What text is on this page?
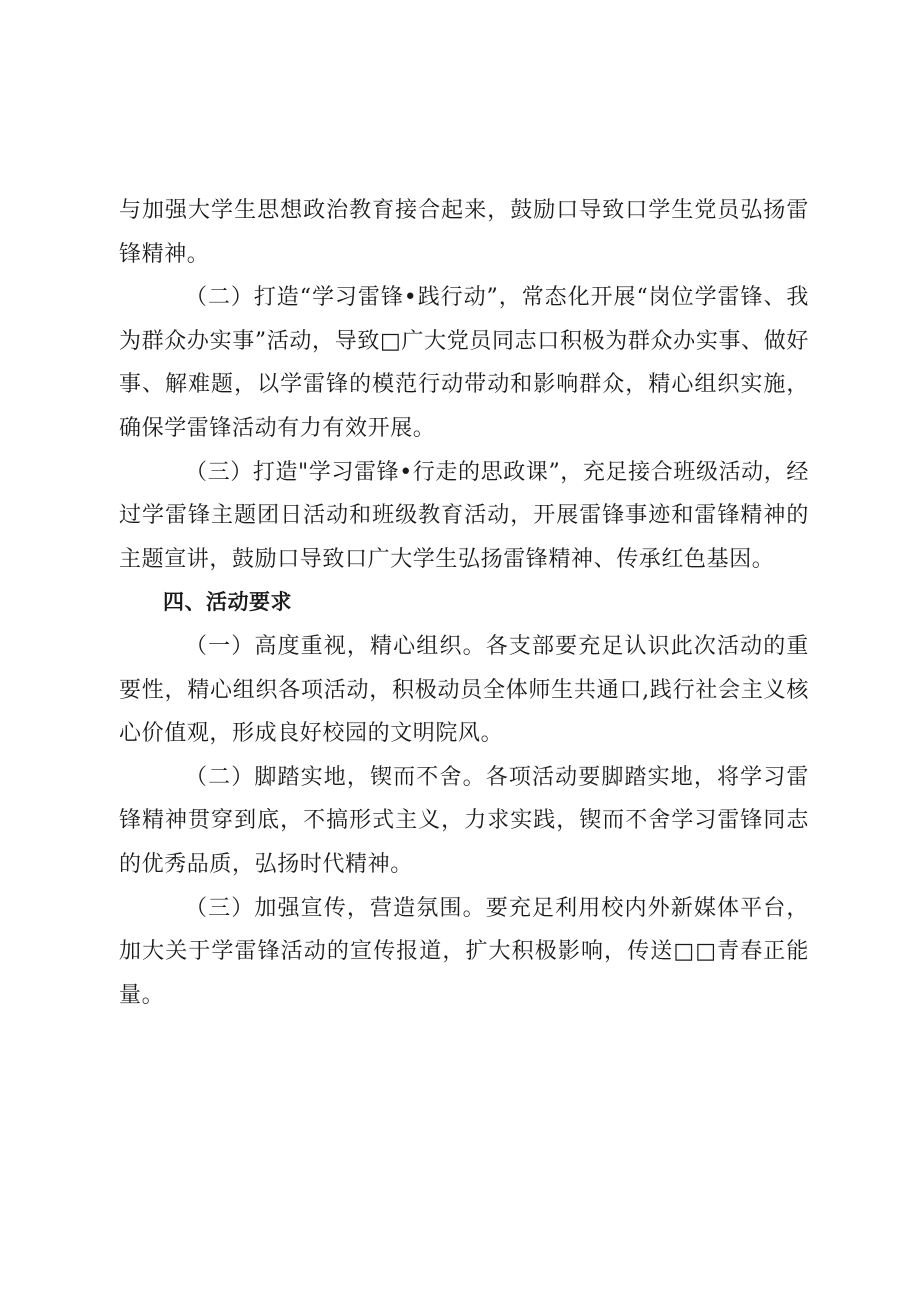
与加强大学生思想政治教育接合起来，鼓励口导致口学生党员弘扬雷锋精神。

（二）打造“学习雷锋•践行动”，常态化开展“岗位学雷锋、我为群众办实事”活动，导致□广大党员同志口积极为群众办实事、做好事、解难题，以学雷锋的模范行动带动和影响群众，精心组织实施，确保学雷锋活动有力有效开展。

（三）打造"学习雷锋•行走的思政课”，充足接合班级活动，经过学雷锋主题团日活动和班级教育活动，开展雷锋事迹和雷锋精神的主题宣讲，鼓励口导致口广大学生弘扬雷锋精神、传承红色基因。

四、活动要求

（一）高度重视，精心组织。各支部要充足认识此次活动的重要性，精心组织各项活动，积极动员全体师生共通口,践行社会主义核心价值观，形成良好校园的文明院风。

（二）脚踏实地，锲而不舍。各项活动要脚踏实地，将学习雷锋精神贯穿到底，不搞形式主义，力求实践，锲而不舍学习雷锋同志的优秀品质，弘扬时代精神。

（三）加强宣传，营造氛围。要充足利用校内外新媒体平台，加大关于学雷锋活动的宣传报道，扩大积极影响，传送□□青春正能量。
